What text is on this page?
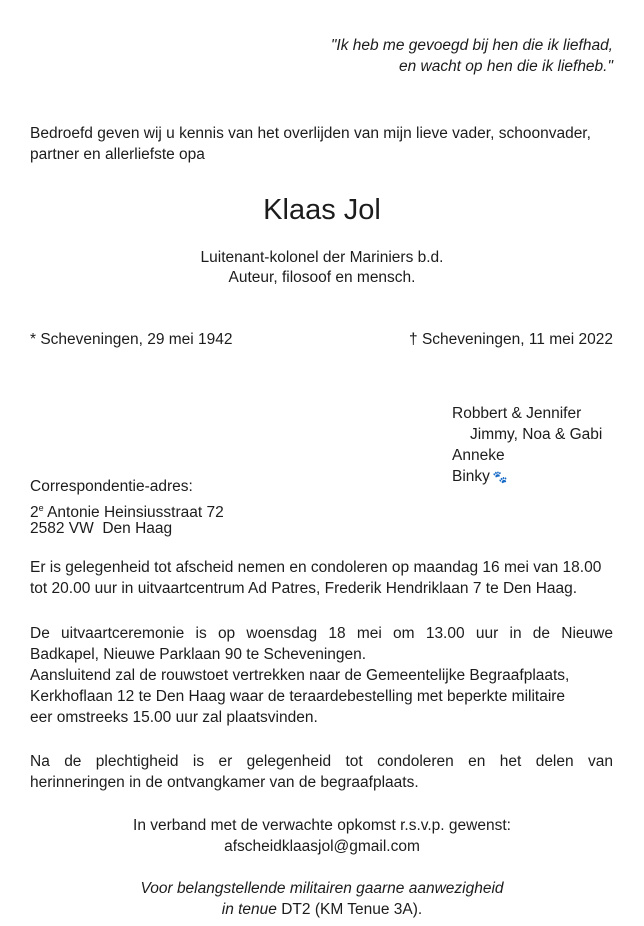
"Ik heb me gevoegd bij hen die ik liefhad,
en wacht op hen die ik liefheb."
Bedroefd geven wij u kennis van het overlijden van mijn lieve vader, schoonvader,
partner en allerliefste opa
Klaas Jol
Luitenant-kolonel der Mariniers b.d.
Auteur, filosoof en mensch.
* Scheveningen, 29 mei 1942	† Scheveningen, 11 mei 2022
Robbert & Jennifer
Jimmy, Noa & Gabi
Anneke
Binky 🐾
Correspondentie-adres:
2e Antonie Heinsiusstraat 72
2582 VW  Den Haag
Er is gelegenheid tot afscheid nemen en condoleren op maandag 16 mei van 18.00
tot 20.00 uur in uitvaartcentrum Ad Patres, Frederik Hendriklaan 7 te Den Haag.
De uitvaartceremonie is op woensdag 18 mei om 13.00 uur in de Nieuwe
Badkapel, Nieuwe Parklaan 90 te Scheveningen.
Aansluitend zal de rouwstoet vertrekken naar de Gemeentelijke Begraafplaats,
Kerkhoflaan 12 te Den Haag waar de teraardebestelling met beperkte militaire
eer omstreeks 15.00 uur zal plaatsvinden.
Na de plechtigheid is er gelegenheid tot condoleren en het delen van
herinneringen in de ontvangkamer van de begraafplaats.
In verband met de verwachte opkomst r.s.v.p. gewenst:
afscheidklaasjol@gmail.com
Voor belangstellende militairen gaarne aanwezigheid
in tenue DT2 (KM Tenue 3A).
